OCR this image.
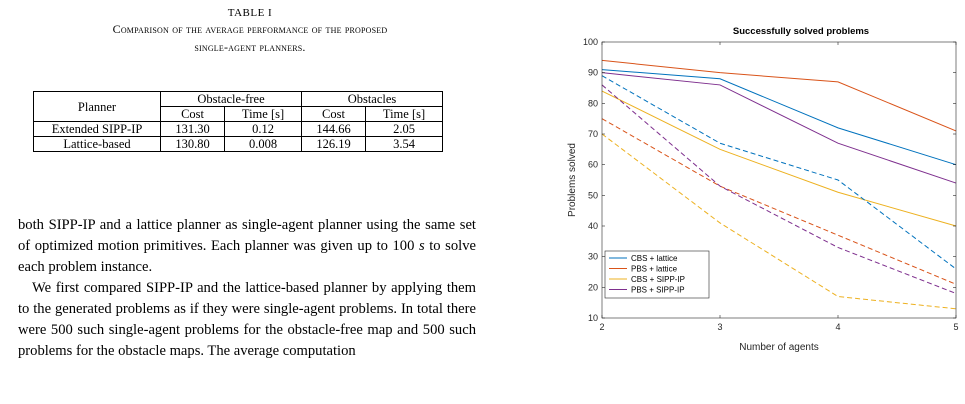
TABLE I
Comparison of the average performance of the proposed
single-agent planners.
Planner	Obstacle-free		Obstacles	
	Cost	Time [s]	Cost	Time [s]
Extended SIPP-IP	131.30	0.12	144.66	2.05
Lattice-based	130.80	0.008	126.19	3.54

both SIPP-IP and a lattice planner as single-agent planner using the same set of optimized motion primitives. Each planner was given up to 100 s to solve each problem instance.

We first compared SIPP-IP and the lattice-based planner by applying them to the generated problems as if they were single-agent problems. In total there were 500 such single-agent problems for the obstacle-free map and 500 such problems for the obstacle maps. The average computation

Successfully solved problems
Number of agents
Problems solved
10
20
30
40
50
60
70
80
90
100
2	3	4	5
CBS + lattice
PBS + lattice
CBS + SIPP-IP
PBS + SIPP-IP
